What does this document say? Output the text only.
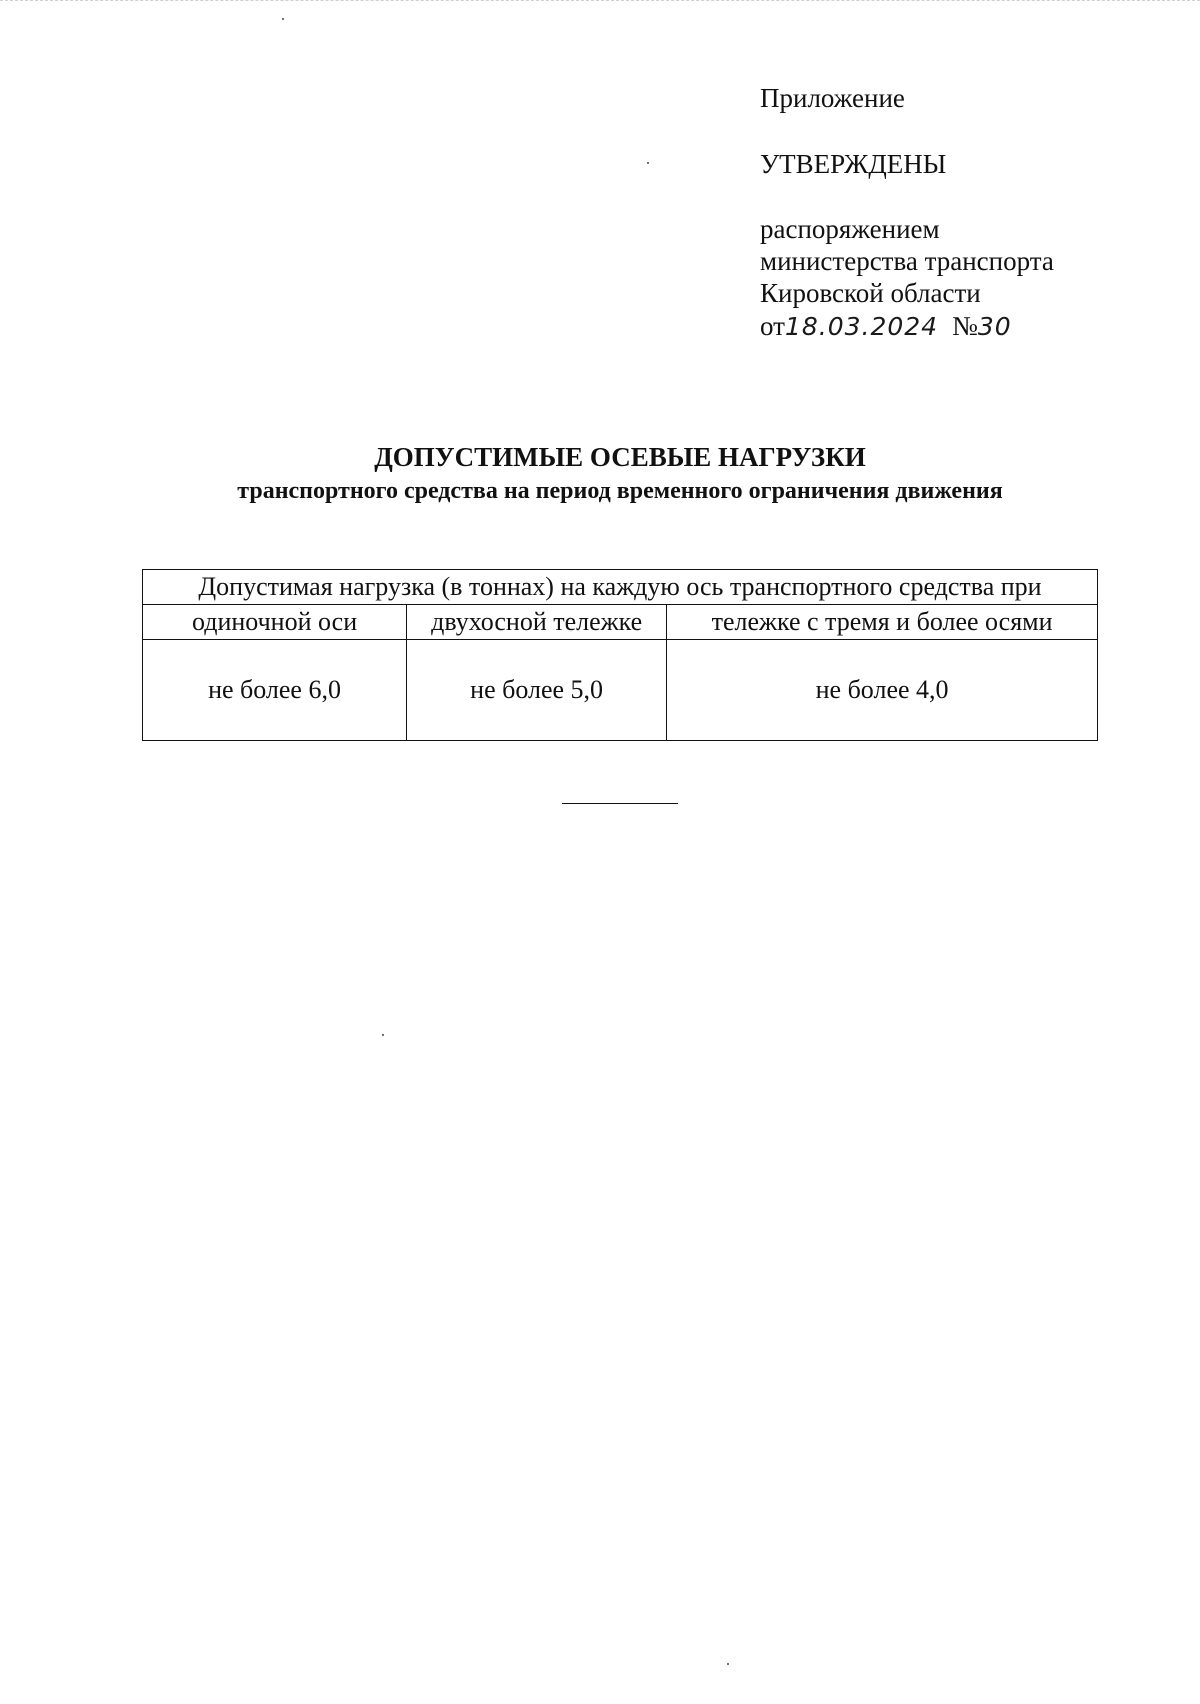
Приложение
УТВЕРЖДЕНЫ
распоряжением
министерства транспорта
Кировской области
от18.03.2024 №30
ДОПУСТИМЫЕ ОСЕВЫЕ НАГРУЗКИ
транспортного средства на период временного ограничения движения
Допустимая нагрузка (в тоннах) на каждую ось транспортного средства при		
одиночной оси	двухосной тележке	тележке с тремя и более осями
не более 6,0	не более 5,0	не более 4,0
